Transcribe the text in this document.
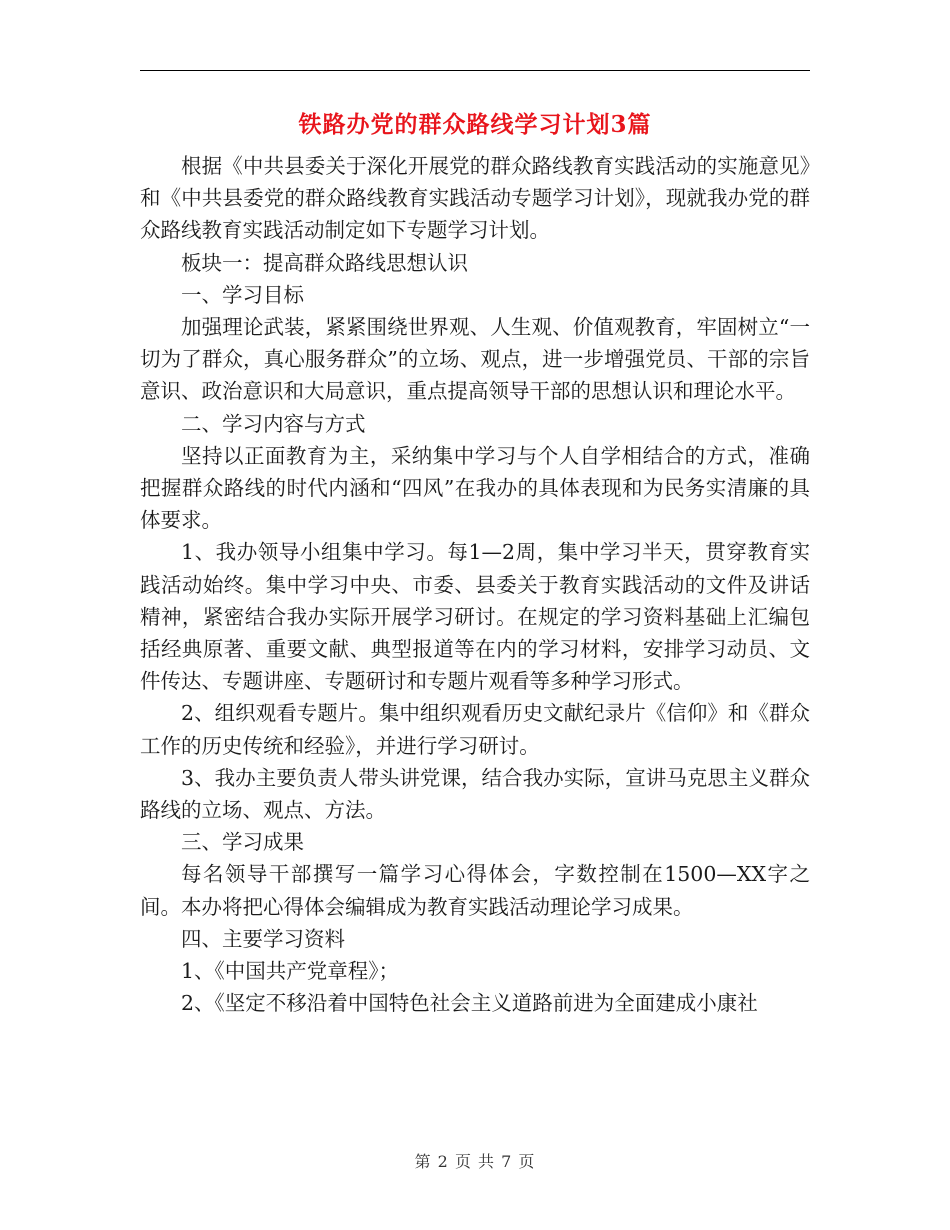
铁路办党的群众路线学习计划3篇

根据《中共县委关于深化开展党的群众路线教育实践活动的实施意见》和《中共县委党的群众路线教育实践活动专题学习计划》，现就我办党的群众路线教育实践活动制定如下专题学习计划。

板块一：提高群众路线思想认识

一、学习目标

加强理论武装，紧紧围绕世界观、人生观、价值观教育，牢固树立“一切为了群众，真心服务群众”的立场、观点，进一步增强党员、干部的宗旨意识、政治意识和大局意识，重点提高领导干部的思想认识和理论水平。

二、学习内容与方式

坚持以正面教育为主，采纳集中学习与个人自学相结合的方式，准确把握群众路线的时代内涵和“四风”在我办的具体表现和为民务实清廉的具体要求。

1、我办领导小组集中学习。每1—2周，集中学习半天，贯穿教育实践活动始终。集中学习中央、市委、县委关于教育实践活动的文件及讲话精神，紧密结合我办实际开展学习研讨。在规定的学习资料基础上汇编包括经典原著、重要文献、典型报道等在内的学习材料，安排学习动员、文件传达、专题讲座、专题研讨和专题片观看等多种学习形式。

2、组织观看专题片。集中组织观看历史文献纪录片《信仰》和《群众工作的历史传统和经验》，并进行学习研讨。

3、我办主要负责人带头讲党课，结合我办实际，宣讲马克思主义群众路线的立场、观点、方法。

三、学习成果

每名领导干部撰写一篇学习心得体会，字数控制在1500—XX字之间。本办将把心得体会编辑成为教育实践活动理论学习成果。

四、主要学习资料

1、《中国共产党章程》；

2、《坚定不移沿着中国特色社会主义道路前进为全面建成小康社

第 2 页 共 7 页
